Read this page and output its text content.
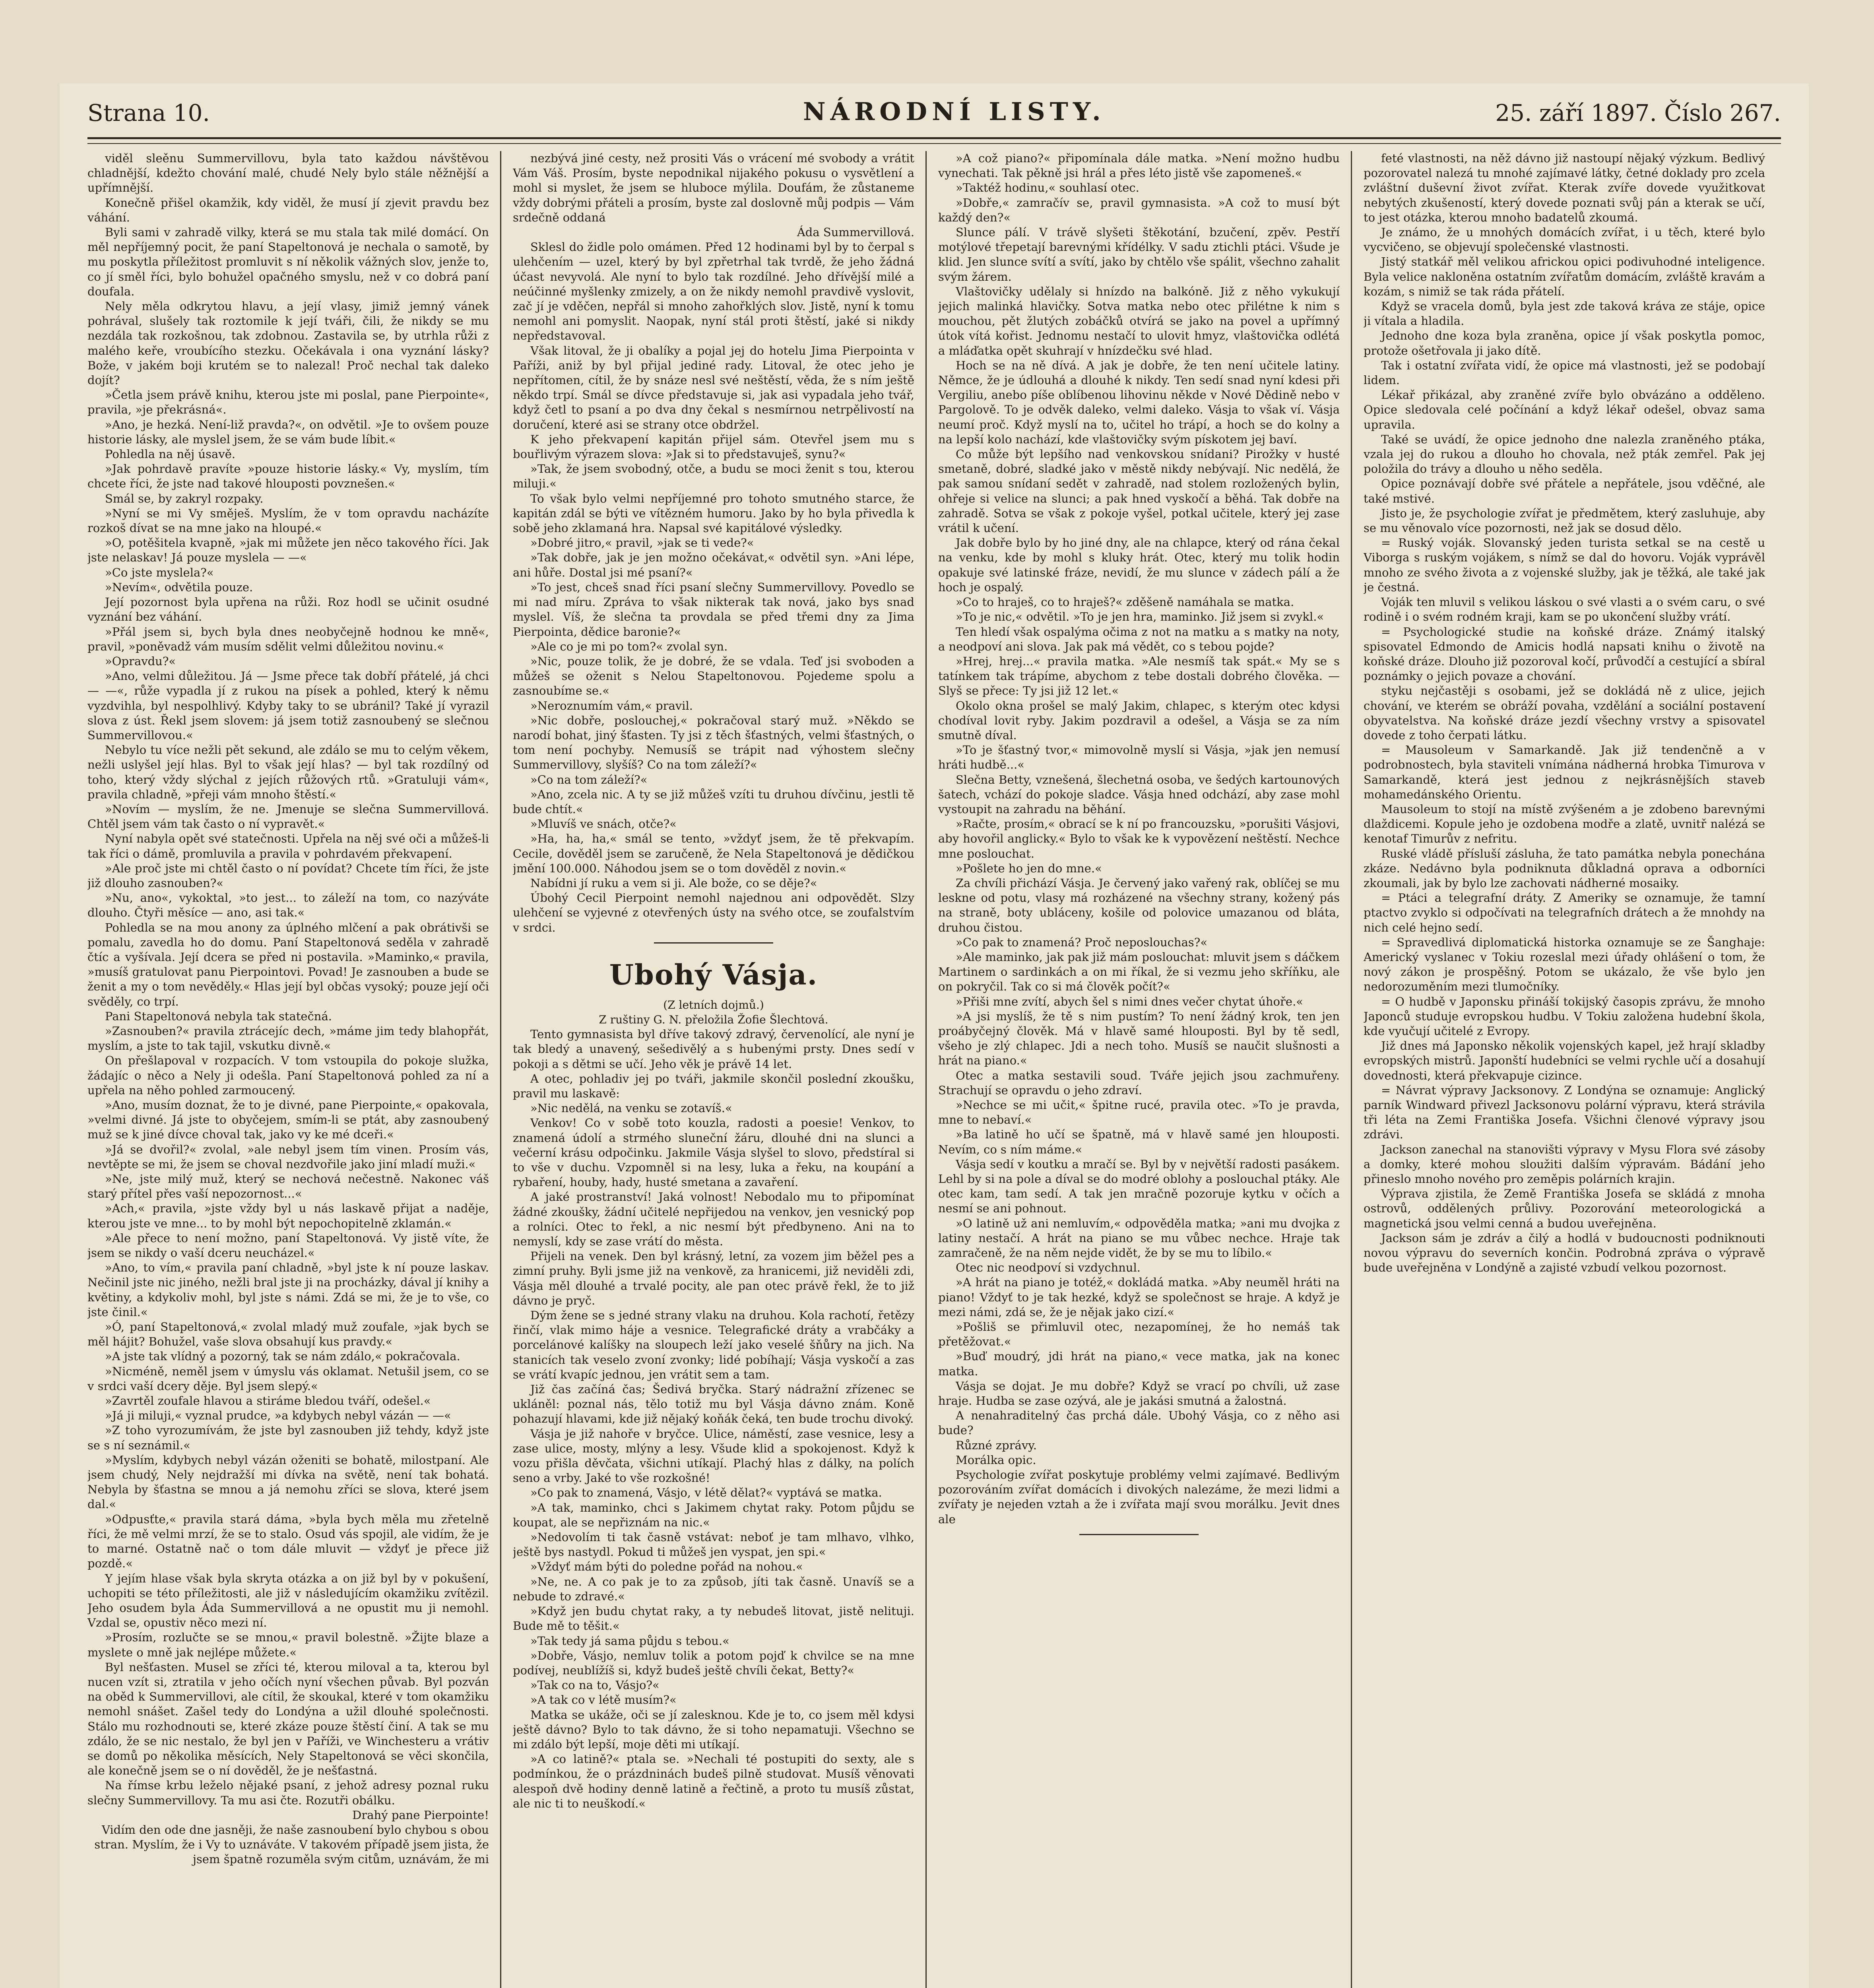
Strana 10.	NÁRODNÍ LISTY.	25. září 1897. Číslo 267.

viděl sleěnu Summervillovu, byla tato každou návštěvou chladnější, kdežto chování malé, chudé Nely bylo stále něžnější a upřímnější.

Konečně přišel okamžik, kdy viděl, že musí jí zjevit pravdu bez váhání.

Byli sami v zahradě vilky, která se mu stala tak milé domácí. On měl nepříjemný pocit, že paní Stapeltonová je nechala o samotě, by mu poskytla příležitost promluvit s ní několik vážných slov, jenže to, co jí směl říci, bylo bohužel opačného smyslu, než v co dobrá paní doufala.

Nely měla odkrytou hlavu, a její vlasy, jimiž jemný vánek pohrával, slušely tak roztomile k její tváři, čili, že nikdy se mu nezdála tak rozkošnou, tak zdobnou. Zastavila se, by utrhla růži z malého keře, vroubícího stezku. Očekávala i ona vyznání lásky? Bože, v jakém boji krutém se to nalezal! Proč nechal tak daleko dojít?

»Četla jsem právě knihu, kterou jste mi poslal, pane Pierpointe«, pravila, »je překrásná«.

»Ano, je hezká. Není-liž pravda?«, on odvětil. »Je to ovšem pouze historie lásky, ale myslel jsem, že se vám bude líbit.«

Pohledla na něj úsavě.

»Jak pohrdavě pravíte »pouze historie lásky.« Vy, myslím, tím chcete říci, že jste nad takové hlouposti povznešen.«

Smál se, by zakryl rozpaky.

»Nyní se mi Vy směješ. Myslím, že v tom opravdu nacházíte rozkoš dívat se na mne jako na hloupé.«

»O, potěšitela kvapně, »jak mi můžete jen něco takového říci. Jak jste nelaskav! Já pouze myslela — —«

»Co jste myslela?«

»Nevím«, odvětila pouze.

Její pozornost byla upřena na růži. Roz hodl se učinit osudné vyznání bez váhání.

»Přál jsem si, bych byla dnes neobyčejně hodnou ke mně«, pravil, »poněvadž vám musím sdělit velmi důležitou novinu.«

»Opravdu?«

»Ano, velmi důležitou. Já — Jsme přece tak dobří přátelé, já chci — —«, růže vypadla jí z rukou na písek a pohled, který k němu vyzdvihla, byl nespolhlivý. Kdyby taky to se ubránil? Také jí vyrazil slova z úst. Řekl jsem slovem: já jsem totiž zasnoubený se slečnou Summervillovou.«

Nebylo tu více nežli pět sekund, ale zdálo se mu to celým věkem, nežli uslyšel její hlas. Byl to však její hlas? — byl tak rozdílný od toho, který vždy slýchal z jejích růžových rtů. »Gratuluji vám«, pravila chladně, »přeji vám mnoho štěstí.«

»Novím — myslím, že ne. Jmenuje se slečna Summervillová. Chtěl jsem vám tak často o ní vypravět.«

Nyní nabyla opět své statečnosti. Upřela na něj své oči a můžeš-li tak říci o dámě, promluvila a pravila v pohrdavém překvapení.

»Ale proč jste mi chtěl často o ní povídat? Chcete tím říci, že jste již dlouho zasnouben?«

»Nu, ano«, vykoktal, »to jest... to záleží na tom, co nazýváte dlouho. Čtyři měsíce — ano, asi tak.«

Pohledla se na mou anony za úplného mlčení a pak obrátivši se pomalu, zavedla ho do domu. Paní Stapeltonová seděla v zahradě čtíc a vyšívala. Její dcera se před ni postavila. »Maminko,« pravila, »musíš gratulovat panu Pierpointovi. Povad! Je zasnouben a bude se ženit a my o tom nevěděly.« Hlas její byl občas vysoký; pouze její oči svěděly, co trpí.

Pani Stapeltonová nebyla tak statečná.

»Zasnouben?« pravila ztrácejíc dech, »máme jim tedy blahopřát, myslím, a jste to tak tajil, vskutku divně.«

On přešlapoval v rozpacích. V tom vstoupila do pokoje služka, žádajíc o něco a Nely ji odešla. Paní Stapeltonová pohled za ní a upřela na něho pohled zarmoucený.

»Ano, musím doznat, že to je divné, pane Pierpointe,« opakovala, »velmi divné. Já jste to obyčejem, smím-li se ptát, aby zasnoubený muž se k jiné dívce choval tak, jako vy ke mé dceři.«

»Já se dvořil?« zvolal, »ale nebyl jsem tím vinen. Prosím vás, nevtěpte se mi, že jsem se choval nezdvořile jako jiní mladí muži.«

»Ne, jste milý muž, který se nechová nečestně. Nakonec váš starý přítel přes vaší nepozornost...«

»Ach,« pravila, »jste vždy byl u nás laskavě přijat a naděje, kterou jste ve mne... to by mohl být nepochopitelně zklamán.«

»Ale přece to není možno, paní Stapeltonová. Vy jistě víte, že jsem se nikdy o vaší dceru neucházel.«

»Ano, to vím,« pravila paní chladně, »byl jste k ní pouze laskav. Nečinil jste nic jiného, nežli bral jste ji na procházky, dával jí knihy a květiny, a kdykoliv mohl, byl jste s námi. Zdá se mi, že je to vše, co jste činil.«

»Ó, paní Stapeltonová,« zvolal mladý muž zoufale, »jak bych se měl hájit? Bohužel, vaše slova obsahují kus pravdy.«

»A jste tak vlídný a pozorný, tak se nám zdálo,« pokračovala.

»Nicméně, neměl jsem v úmyslu vás oklamat. Netušil jsem, co se v srdci vaší dcery děje. Byl jsem slepý.«

»Zavrtěl zoufale hlavou a stiráme bledou tváří, odešel.«

»Já ji miluji,« vyznal prudce, »a kdybych nebyl vázán — —«

»Z toho vyrozumívám, že jste byl zasnouben již tehdy, když jste se s ní seznámil.«

»Myslím, kdybych nebyl vázán oženiti se bohatě, milostpaní. Ale jsem chudý, Nely nejdražší mi dívka na světě, není tak bohatá. Nebyla by šťastna se mnou a já nemohu zříci se slova, které jsem dal.«

»Odpusťte,« pravila stará dáma, »byla bych měla mu zřetelně říci, že mě velmi mrzí, že se to stalo. Osud vás spojil, ale vidím, že je to marné. Ostatně nač o tom dále mluvit — vždyť je přece již pozdě.«

Y jejím hlase však byla skryta otázka a on již byl by v pokušení, uchopiti se této příležitosti, ale již v následujícím okamžiku zvítězil. Jeho osudem byla Áda Summervillová a ne opustit mu ji nemohl. Vzdal se, opustiv něco mezi ní.

»Prosím, rozlučte se se mnou,« pravil bolestně. »Žijte blaze a myslete o mně jak nejlépe můžete.«

Byl nešťasten. Musel se zříci té, kterou miloval a ta, kterou byl nucen vzít si, ztratila v jeho očích nyní všechen půvab. Byl pozván na oběd k Summervillovi, ale cítil, že skoukal, které v tom okamžiku nemohl snášet. Zašel tedy do Londýna a užil dlouhé společnosti. Stálo mu rozhodnouti se, které zkáze pouze štěstí činí. A tak se mu zdálo, že se nic nestalo, že byl jen v Paříži, ve Winchesteru a vrátiv se domů po několika měsících, Nely Stapeltonová se věci skončila, ale konečně jsem se o ní dověděl, že je nešťastná.

Na římse krbu leželo nějaké psaní, z jehož adresy poznal ruku slečny Summervillovy. Ta mu asi čte. Rozutři obálku.

Drahý pane Pierpointe!

Vidím den ode dne jasněji, že naše zasnoubení bylo chybou s obou stran. Myslím, že i Vy to uznáváte. V takovém případě jsem jista, že jsem špatně rozuměla svým citům, uznávám, že mi

nezbývá jiné cesty, než prositi Vás o vrácení mé svobody a vrátit Vám Váš. Prosím, byste nepodnikal nijakého pokusu o vysvětlení a mohl si myslet, že jsem se hluboce mýlila. Doufám, že zůstaneme vždy dobrými přáteli a prosím, byste zal doslovně můj podpis — Vám srdečně oddaná

Áda Summervillová.

Sklesl do židle polo omámen. Před 12 hodinami byl by to čerpal s ulehčením — uzel, který by byl zpřetrhal tak tvrdě, že jeho žádná účast nevyvolá. Ale nyní to bylo tak rozdílné. Jeho dřívější milé a neúčinné myšlenky zmizely, a on že nikdy nemohl pravdivě vyslovit, zač jí je vděčen, nepřál si mnoho zahořklých slov. Jistě, nyní k tomu nemohl ani pomyslit. Naopak, nyní stál proti štěstí, jaké si nikdy nepředstavoval.

Však litoval, že ji obalíky a pojal jej do hotelu Jima Pierpointa v Paříži, aniž by byl přijal jediné rady. Litoval, že otec jeho je nepřítomen, cítil, že by snáze nesl své neštěstí, věda, že s ním ještě někdo trpí. Smál se dívce představuje si, jak asi vypadala jeho tvář, když četl to psaní a po dva dny čekal s nesmírnou netrpělivostí na doručení, které asi se strany otce obdržel.

K jeho překvapení kapitán přijel sám. Otevřel jsem mu s bouřlivým výrazem slova: »Jak si to představuješ, synu?«

»Tak, že jsem svobodný, otče, a budu se moci ženit s tou, kterou miluji.«

To však bylo velmi nepříjemné pro tohoto smutného starce, že kapitán zdál se býti ve vítězném humoru. Jako by ho byla přivedla k sobě jeho zklamaná hra. Napsal své kapitálové výsledky.

»Dobré jitro,« pravil, »jak se ti vede?«

»Tak dobře, jak je jen možno očekávat,« odvětil syn. »Ani lépe, ani hůře. Dostal jsi mé psaní?«

»To jest, chceš snad říci psaní slečny Summervillovy. Povedlo se mi nad míru. Zpráva to však nikterak tak nová, jako bys snad myslel. Víš, že slečna ta provdala se před třemi dny za Jima Pierpointa, dědice baronie?«

»Ale co je mi po tom?« zvolal syn.

»Nic, pouze tolik, že je dobré, že se vdala. Teď jsi svoboden a můžeš se oženit s Nelou Stapeltonovou. Pojedeme spolu a zasnoubíme se.«

»Neroznumím vám,« pravil.

»Nic dobře, poslouchej,« pokračoval starý muž. »Někdo se narodí bohat, jiný šťasten. Ty jsi z těch šťastných, velmi šťastných, o tom není pochyby. Nemusíš se trápit nad výhostem slečny Summervillovy, slyšíš? Co na tom záleží?«

»Co na tom záleží?«

»Ano, zcela nic. A ty se již můžeš vzíti tu druhou dívčinu, jestli tě bude chtít.«

»Mluvíš ve snách, otče?«

»Ha, ha, ha,« smál se tento, »vždyť jsem, že tě překvapím. Cecile, dověděl jsem se zaručeně, že Nela Stapeltonová je dědičkou jmění 100.000. Náhodou jsem se o tom dověděl z novin.«

Nabídni jí ruku a vem si ji. Ale bože, co se děje?«

Úbohý Cecil Pierpoint nemohl najednou ani odpovědět. Slzy ulehčení se vyjevné z otevřených ústy na svého otce, se zoufalstvím v srdci.

Ubohý Vásja.

(Z letních dojmů.)

Z ruštiny G. N. přeložila Žofie Šlechtová.

Tento gymnasista byl dříve takový zdravý, červenolící, ale nyní je tak bledý a unavený, sešedivělý a s hubenými prsty. Dnes sedí v pokoji a s dětmi se učí. Jeho věk je právě 14 let.

A otec, pohladiv jej po tváři, jakmile skončil poslední zkoušku, pravil mu laskavě:

»Nic nedělá, na venku se zotavíš.«

Venkov! Co v sobě toto kouzla, radosti a poesie! Venkov, to znamená údolí a strmého sluneční žáru, dlouhé dni na slunci a večerní krásu odpočinku. Jakmile Vásja slyšel to slovo, předstíral si to vše v duchu. Vzpomněl si na lesy, luka a řeku, na koupání a rybaření, houby, hady, husté smetana a zavaření.

A jaké prostranství! Jaká volnost! Nebodalo mu to připomínat žádné zkoušky, žádní učitelé nepřijedou na venkov, jen vesnický pop a rolníci. Otec to řekl, a nic nesmí být předbyneno. Ani na to nemyslí, kdy se zase vrátí do města.

Přijeli na venek. Den byl krásný, letní, za vozem jim běžel pes a zimní pruhy. Byli jsme již na venkově, za hranicemi, již neviděli zdi, Vásja měl dlouhé a trvalé pocity, ale pan otec právě řekl, že to již dávno je pryč.

Dým žene se s jedné strany vlaku na druhou. Kola rachotí, řetězy řinčí, vlak mimo háje a vesnice. Telegrafické dráty a vrabčáky a porcelánové kalíšky na sloupech leží jako veselé šňůry na jich. Na stanicích tak veselo zvoní zvonky; lidé pobíhají; Vásja vyskočí a zas se vrátí kvapíc jednou, jen vrátit sem a tam.

Již čas začíná čas; Šedivá bryčka. Starý nádražní zřízenec se ukláněl: poznal nás, tělo totiž mu byl Vásja dávno znám. Koně pohazují hlavami, kde již nějaký koňák čeká, ten bude trochu divoký.

Vásja je již nahoře v bryčce. Ulice, náměstí, zase vesnice, lesy a zase ulice, mosty, mlýny a lesy. Všude klid a spokojenost. Když k vozu přišla děvčata, všichni utíkají. Plachý hlas z dálky, na polích seno a vrby. Jaké to vše rozkošné!

»Co pak to znamená, Vásjo, v létě dělat?« vyptává se matka.

»A tak, maminko, chci s Jakimem chytat raky. Potom půjdu se koupat, ale se nepřiznám na nic.«

»Nedovolím ti tak časně vstávat: neboť je tam mlhavo, vlhko, ještě bys nastydl. Pokud ti můžeš jen vyspat, jen spi.«

»Vždyť mám býti do poledne pořád na nohou.«

»Ne, ne. A co pak je to za způsob, jíti tak časně. Unavíš se a nebude to zdravé.«

»Když jen budu chytat raky, a ty nebudeš litovat, jistě nelituji. Bude mě to těšit.«

»Tak tedy já sama půjdu s tebou.«

»Dobře, Vásjo, nemluv tolik a potom pojď k chvilce se na mne podívej, neublížíš si, když budeš ještě chvíli čekat, Betty?«

»Tak co na to, Vásjo?«

»A tak co v létě musím?«

Matka se ukáže, oči se jí zalesknou. Kde je to, co jsem měl kdysi ještě dávno? Bylo to tak dávno, že si toho nepamatuji. Všechno se mi zdálo být lepší, moje děti mi utíkají.

»A co latině?« ptala se. »Nechali té postupiti do sexty, ale s podmínkou, že o prázdninách budeš pilně studovat. Musíš věnovati alespoň dvě hodiny denně latině a řečtině, a proto tu musíš zůstat, ale nic ti to neuškodí.«

»A což piano?« připomínala dále matka. »Není možno hudbu vynechati. Tak pěkně jsi hrál a přes léto jistě vše zapomeneš.«

»Taktéž hodinu,« souhlasí otec.

»Dobře,« zamračív se, pravil gymnasista. »A což to musí být každý den?«

Slunce pálí. V trávě slyšeti štěkotání, bzučení, zpěv. Pestří motýlové třepetají barevnými křídélky. V sadu ztichli ptáci. Všude je klid. Jen slunce svítí a svítí, jako by chtělo vše spálit, všechno zahalit svým žárem.

Vlaštovičky udělaly si hnízdo na balkóně. Již z něho vykukují jejich malinká hlavičky. Sotva matka nebo otec přilétne k nim s mouchou, pět žlutých zobáčků otvírá se jako na povel a upřímný útok vítá kořist. Jednomu nestačí to ulovit hmyz, vlaštovička odlétá a mláďatka opět skuhrají v hnízdečku své hlad.

Hoch se na ně dívá. A jak je dobře, že ten není učitele latiny. Němce, že je údlouhá a dlouhé k nikdy. Ten sedí snad nyní kdesi při Vergiliu, anebo píše oblíbenou lihovinu někde v Nové Dědině nebo v Pargolově. To je odvěk daleko, velmi daleko. Vásja to však ví. Vásja neumí proč. Když myslí na to, učitel ho trápí, a hoch se do kolny a na lepší kolo nachází, kde vlaštovičky svým pískotem jej baví.

Co může být lepšího nad venkovskou snídani? Pirožky v husté smetaně, dobré, sladké jako v městě nikdy nebývají. Nic nedělá, že pak samou snídaní sedět v zahradě, nad stolem rozložených bylin, ohřeje si velice na slunci; a pak hned vyskočí a běhá. Tak dobře na zahradě. Sotva se však z pokoje vyšel, potkal učitele, který jej zase vrátil k učení.

Jak dobře bylo by ho jiné dny, ale na chlapce, který od rána čekal na venku, kde by mohl s kluky hrát. Otec, který mu tolik hodin opakuje své latinské fráze, nevidí, že mu slunce v zádech pálí a že hoch je ospalý.

»Co to hraješ, co to hraješ?« zděšeně namáhala se matka.

»To je nic,« odvětil. »To je jen hra, maminko. Již jsem si zvykl.«

Ten hledí však ospalýma očima z not na matku a s matky na noty, a neodpoví ani slova. Jak pak má vědět, co s tebou pojde?

»Hrej, hrej...« pravila matka. »Ale nesmíš tak spát.« My se s tatínkem tak trápíme, abychom z tebe dostali dobrého člověka. — Slyš se přece: Ty jsi již 12 let.«

Okolo okna prošel se malý Jakim, chlapec, s kterým otec kdysi chodíval lovit ryby. Jakim pozdravil a odešel, a Vásja se za ním smutně díval.

»To je šťastný tvor,« mimovolně myslí si Vásja, »jak jen nemusí hráti hudbě...«

Slečna Betty, vznešená, šlechetná osoba, ve šedých kartounových šatech, vchází do pokoje sladce. Vásja hned odchází, aby zase mohl vystoupit na zahradu na běhání.

»Račte, prosím,« obrací se k ní po francouzsku, »porušiti Vásjovi, aby hovořil anglicky.« Bylo to však ke k vypovězení neštěstí. Nechce mne poslouchat.

»Pošlete ho jen do mne.«

Za chvíli přichází Vásja. Je červený jako vařený rak, oblíčej se mu leskne od potu, vlasy má rozházené na všechny strany, kožený pás na straně, boty ubláceny, košile od polovice umazanou od bláta, druhou čistou.

»Co pak to znamená? Proč neposlouchas?«

»Ale maminko, jak pak již mám poslouchat: mluvit jsem s dáčkem Martinem o sardinkách a on mi říkal, že si vezmu jeho skříňku, ale on pokryčil. Tak co si má člověk počít?«

»Přiši mne zvítí, abych šel s nimi dnes večer chytat úhoře.«

»A jsi myslíš, že tě s nim pustím? To není žádný krok, ten jen proábyčejný člověk. Má v hlavě samé hlouposti. Byl by tě sedl, všeho je zlý chlapec. Jdi a nech toho. Musíš se naučit slušnosti a hrát na piano.«

Otec a matka sestavili soud. Tváře jejich jsou zachmuřeny. Strachují se opravdu o jeho zdraví.

»Nechce se mi učit,« špitne rucé, pravila otec. »To je pravda, mne to nebaví.«

»Ba latině ho učí se špatně, má v hlavě samé jen hlouposti. Nevím, co s ním máme.«

Vásja sedí v koutku a mračí se. Byl by v největší radosti pasákem. Lehl by si na pole a díval se do modré oblohy a poslouchal ptáky. Ale otec kam, tam sedí. A tak jen mračně pozoruje kytku v očích a nesmí se ani pohnout.

»O latině už ani nemluvím,« odpověděla matka; »ani mu dvojka z latiny nestačí. A hrát na piano se mu vůbec nechce. Hraje tak zamračeně, že na něm nejde vidět, že by se mu to líbilo.«

Otec nic neodpoví si vzdychnul.

»A hrát na piano je totéž,« dokládá matka. »Aby neuměl hráti na piano! Vždyť to je tak hezké, když se společnost se hraje. A když je mezi námi, zdá se, že je nějak jako cizí.«

»Pošliš se přimluvil otec, nezapomínej, že ho nemáš tak přetěžovat.«

»Buď moudrý, jdi hrát na piano,« vece matka, jak na konec matka.

Vásja se dojat. Je mu dobře? Když se vrací po chvíli, už zase hraje. Hudba se zase ozývá, ale je jakási smutná a žalostná.

A nenahraditelný čas prchá dále. Ubohý Vásja, co z něho asi bude?

Různé zprávy.

Morálka opic.

Psychologie zvířat poskytuje problémy velmi zajímavé. Bedlivým pozorováním zvířat domácích i divokých nalezáme, že mezi lidmi a zvířaty je nejeden vztah a že i zvířata mají svou morálku. Jevit dnes ale

feté vlastnosti, na něž dávno již nastoupí nějaký výzkum. Bedlivý pozorovatel nalezá tu mnohé zajímavé látky, četné doklady pro zcela zvláštní duševní život zvířat. Kterak zvíře dovede využitkovat nebytých zkušeností, který dovede poznati svůj pán a kterak se učí, to jest otázka, kterou mnoho badatelů zkoumá.

Je známo, že u mnohých domácích zvířat, i u těch, které bylo vycvičeno, se objevují společenské vlastnosti.

Jistý statkář měl velikou africkou opici podivuhodné inteligence. Byla velice nakloněna ostatním zvířatům domácím, zvláště kravám a kozám, s nimiž se tak ráda přátelí.

Když se vracela domů, byla jest zde taková kráva ze stáje, opice ji vítala a hladila.

Jednoho dne koza byla zraněna, opice jí však poskytla pomoc, protože ošetřovala ji jako dítě.

Tak i ostatní zvířata vidí, že opice má vlastnosti, jež se podobají lidem.

Lékař přikázal, aby zraněné zvíře bylo obvázáno a odděleno. Opice sledovala celé počínání a když lékař odešel, obvaz sama upravila.

Také se uvádí, že opice jednoho dne nalezla zraněného ptáka, vzala jej do rukou a dlouho ho chovala, než pták zemřel. Pak jej položila do trávy a dlouho u něho seděla.

Opice poznávají dobře své přátele a nepřátele, jsou vděčné, ale také mstivé.

Jisto je, že psychologie zvířat je předmětem, který zasluhuje, aby se mu věnovalo více pozornosti, než jak se dosud dělo.

= Ruský voják. Slovanský jeden turista setkal se na cestě u Viborga s ruským vojákem, s nímž se dal do hovoru. Voják vyprávěl mnoho ze svého života a z vojenské služby, jak je těžká, ale také jak je čestná.

Voják ten mluvil s velikou láskou o své vlasti a o svém caru, o své rodině i o svém rodném kraji, kam se po ukončení služby vrátí.

= Psychologické studie na koňské dráze. Známý italský spisovatel Edmondo de Amicis hodlá napsati knihu o životě na koňské dráze. Dlouho již pozoroval kočí, průvodčí a cestující a sbíral poznámky o jejich povaze a chování.

styku nejčastěji s osobami, jež se dokládá ně z ulice, jejich chování, ve kterém se obráží povaha, vzdělání a sociální postavení obyvatelstva. Na koňské dráze jezdí všechny vrstvy a spisovatel dovede z toho čerpati látku.

= Mausoleum v Samarkandě. Jak již tendenčně a v podrobnostech, byla staviteli vnímána nádherná hrobka Timurova v Samarkandě, která jest jednou z nejkrásnějších staveb mohamedánského Orientu.

Mausoleum to stojí na místě zvýšeném a je zdobeno barevnými dlaždicemi. Kopule jeho je ozdobena modře a zlatě, uvnitř nalézá se kenotaf Timurův z nefritu.

Ruské vládě přísluší zásluha, že tato památka nebyla ponechána zkáze. Nedávno byla podniknuta důkladná oprava a odborníci zkoumali, jak by bylo lze zachovati nádherné mosaiky.

= Ptáci a telegrafní dráty. Z Ameriky se oznamuje, že tamní ptactvo zvyklo si odpočívati na telegrafních drátech a že mnohdy na nich celé hejno sedí.

= Spravedlivá diplomatická historka oznamuje se ze Šanghaje: Americký vyslanec v Tokiu rozeslal mezi úřady ohlášení o tom, že nový zákon je prospěšný. Potom se ukázalo, že vše bylo jen nedorozuměním mezi tlumočníky.

= O hudbě v Japonsku přináší tokijský časopis zprávu, že mnoho Japonců studuje evropskou hudbu. V Tokiu založena hudební škola, kde vyučují učitelé z Evropy.

Již dnes má Japonsko několik vojenských kapel, jež hrají skladby evropských mistrů. Japonští hudebníci se velmi rychle učí a dosahují dovednosti, která překvapuje cizince.

= Návrat výpravy Jacksonovy. Z Londýna se oznamuje: Anglický parník Windward přivezl Jacksonovu polární výpravu, která strávila tři léta na Zemi Františka Josefa. Všichni členové výpravy jsou zdrávi.

Jackson zanechal na stanovišti výpravy v Mysu Flora své zásoby a domky, které mohou sloužiti dalším výpravám. Bádání jeho přineslo mnoho nového pro zeměpis polárních krajin.

Výprava zjistila, že Země Františka Josefa se skládá z mnoha ostrovů, oddělených průlivy. Pozorování meteorologická a magnetická jsou velmi cenná a budou uveřejněna.

Jackson sám je zdráv a čilý a hodlá v budoucnosti podniknouti novou výpravu do severních končin. Podrobná zpráva o výpravě bude uveřejněna v Londýně a zajisté vzbudí velkou pozornost.
